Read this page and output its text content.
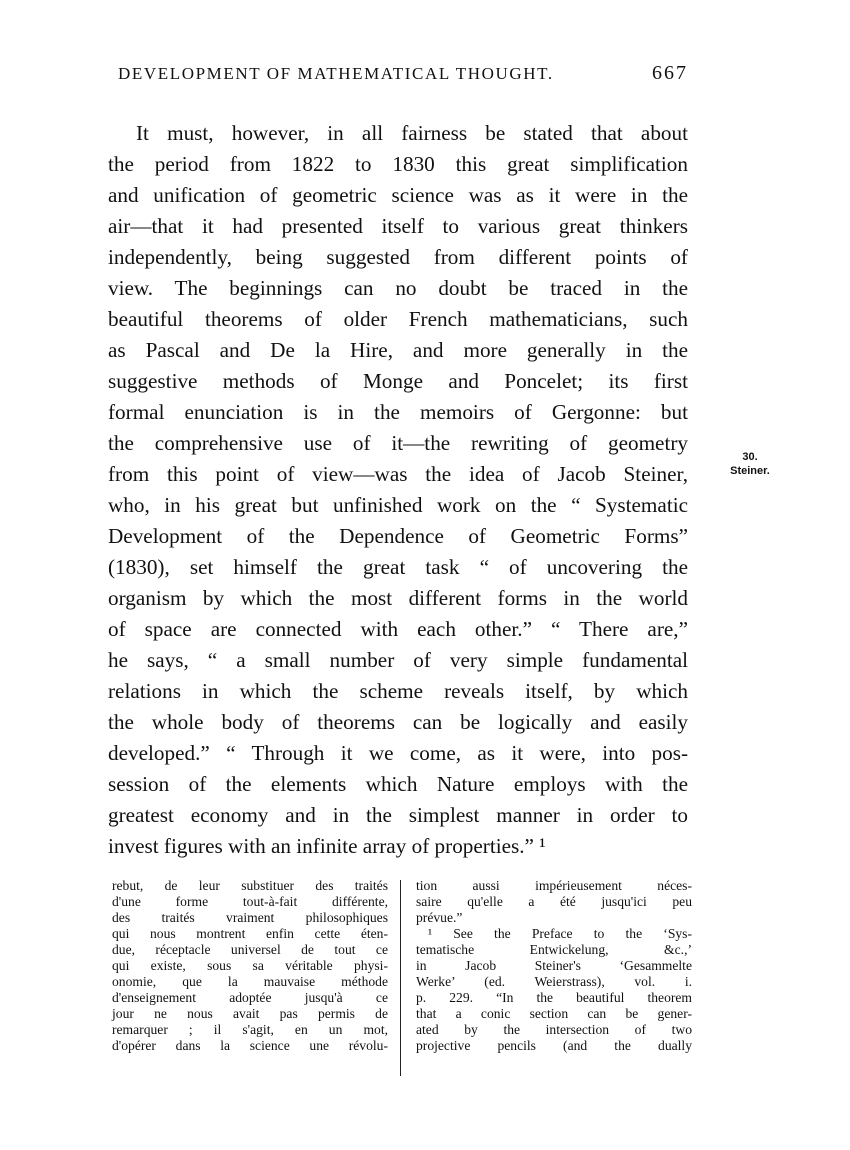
DEVELOPMENT OF MATHEMATICAL THOUGHT.	667
It must, however, in all fairness be stated that about
the period from 1822 to 1830 this great simplification
and unification of geometric science was as it were in the
air—that it had presented itself to various great thinkers
independently, being suggested from different points of
view. The beginnings can no doubt be traced in the
beautiful theorems of older French mathematicians, such
as Pascal and De la Hire, and more generally in the
suggestive methods of Monge and Poncelet; its first
formal enunciation is in the memoirs of Gergonne: but
the comprehensive use of it—the rewriting of geometry
from this point of view—was the idea of Jacob Steiner,
who, in his great but unfinished work on the “ Systematic
Development of the Dependence of Geometric Forms”
(1830), set himself the great task “ of uncovering the
organism by which the most different forms in the world
of space are connected with each other.” “ There are,”
he says, “ a small number of very simple fundamental
relations in which the scheme reveals itself, by which
the whole body of theorems can be logically and easily
developed.” “ Through it we come, as it were, into pos-
session of the elements which Nature employs with the
greatest economy and in the simplest manner in order to
invest figures with an infinite array of properties.” ¹
30.
Steiner.
rebut, de leur substituer des traités
d'une forme tout-à-fait différente,
des traités vraiment philosophiques
qui nous montrent enfin cette éten-
due, réceptacle universel de tout ce
qui existe, sous sa véritable physi-
onomie, que la mauvaise méthode
d'enseignement adoptée jusqu'à ce
jour ne nous avait pas permis de
remarquer ; il s'agit, en un mot,
d'opérer dans la science une révolu-
tion aussi impérieusement néces-
saire qu'elle a été jusqu'ici peu
prévue.”
¹ See the Preface to the ‘Sys-
tematische Entwickelung, &c.,’
in Jacob Steiner's ‘Gesammelte
Werke’ (ed. Weierstrass), vol. i.
p. 229. “In the beautiful theorem
that a conic section can be gener-
ated by the intersection of two
projective pencils (and the dually
